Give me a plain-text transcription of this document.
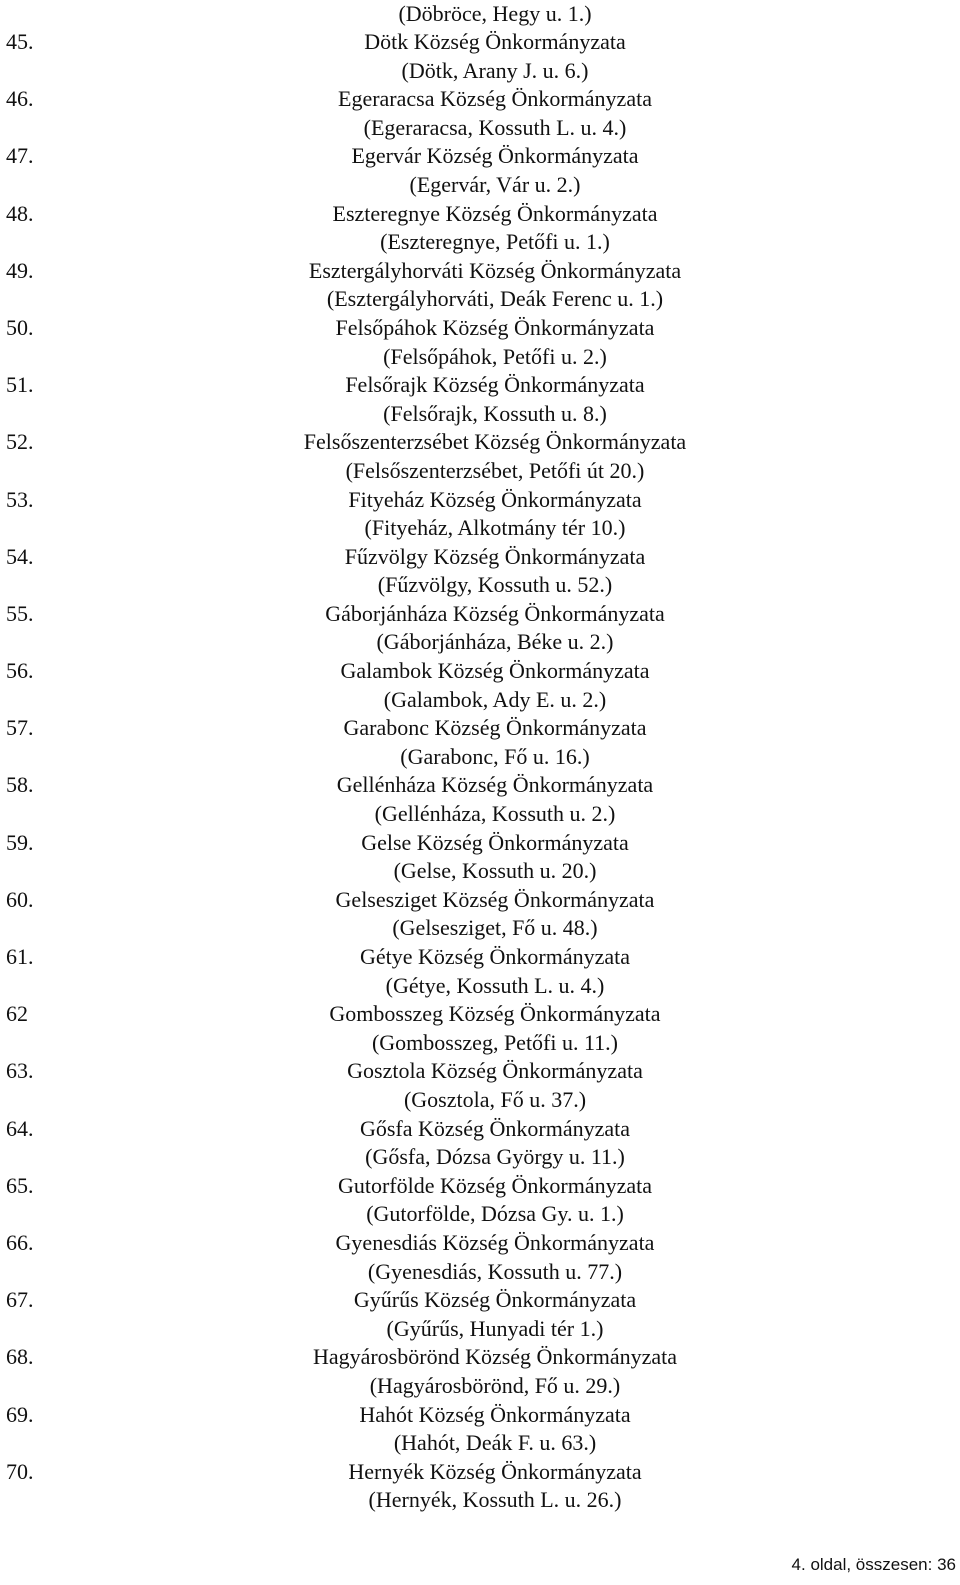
(Döbröce, Hegy u. 1.)
45.	Dötk Község Önkormányzata
(Dötk, Arany J. u. 6.)
46.	Egeraracsa Község Önkormányzata
(Egeraracsa, Kossuth L. u. 4.)
47.	Egervár Község Önkormányzata
(Egervár, Vár u. 2.)
48.	Eszteregnye Község Önkormányzata
(Eszteregnye, Petőfi u. 1.)
49.	Esztergályhorváti Község Önkormányzata
(Esztergályhorváti, Deák Ferenc u. 1.)
50.	Felsőpáhok Község Önkormányzata
(Felsőpáhok, Petőfi u. 2.)
51.	Felsőrajk Község Önkormányzata
(Felsőrajk, Kossuth u. 8.)
52.	Felsőszenterzsébet Község Önkormányzata
(Felsőszenterzsébet, Petőfi út 20.)
53.	Fityeház Község Önkormányzata
(Fityeház, Alkotmány tér 10.)
54.	Fűzvölgy Község Önkormányzata
(Fűzvölgy, Kossuth u. 52.)
55.	Gáborjánháza Község Önkormányzata
(Gáborjánháza, Béke u. 2.)
56.	Galambok Község Önkormányzata
(Galambok, Ady E. u. 2.)
57.	Garabonc Község Önkormányzata
(Garabonc, Fő u. 16.)
58.	Gellénháza Község Önkormányzata
(Gellénháza, Kossuth u. 2.)
59.	Gelse Község Önkormányzata
(Gelse, Kossuth u. 20.)
60.	Gelsesziget Község Önkormányzata
(Gelsesziget, Fő u. 48.)
61.	Gétye Község Önkormányzata
(Gétye, Kossuth L. u. 4.)
62	Gombosszeg Község Önkormányzata
(Gombosszeg, Petőfi u. 11.)
63.	Gosztola Község Önkormányzata
(Gosztola, Fő u. 37.)
64.	Gősfa Község Önkormányzata
(Gősfa, Dózsa György u. 11.)
65.	Gutorfölde Község Önkormányzata
(Gutorfölde, Dózsa Gy. u. 1.)
66.	Gyenesdiás Község Önkormányzata
(Gyenesdiás, Kossuth u. 77.)
67.	Gyűrűs Község Önkormányzata
(Gyűrűs, Hunyadi tér 1.)
68.	Hagyárosbörönd Község Önkormányzata
(Hagyárosbörönd, Fő u. 29.)
69.	Hahót Község Önkormányzata
(Hahót, Deák F. u. 63.)
70.	Hernyék Község Önkormányzata
(Hernyék, Kossuth L. u. 26.)
4. oldal, összesen: 36
